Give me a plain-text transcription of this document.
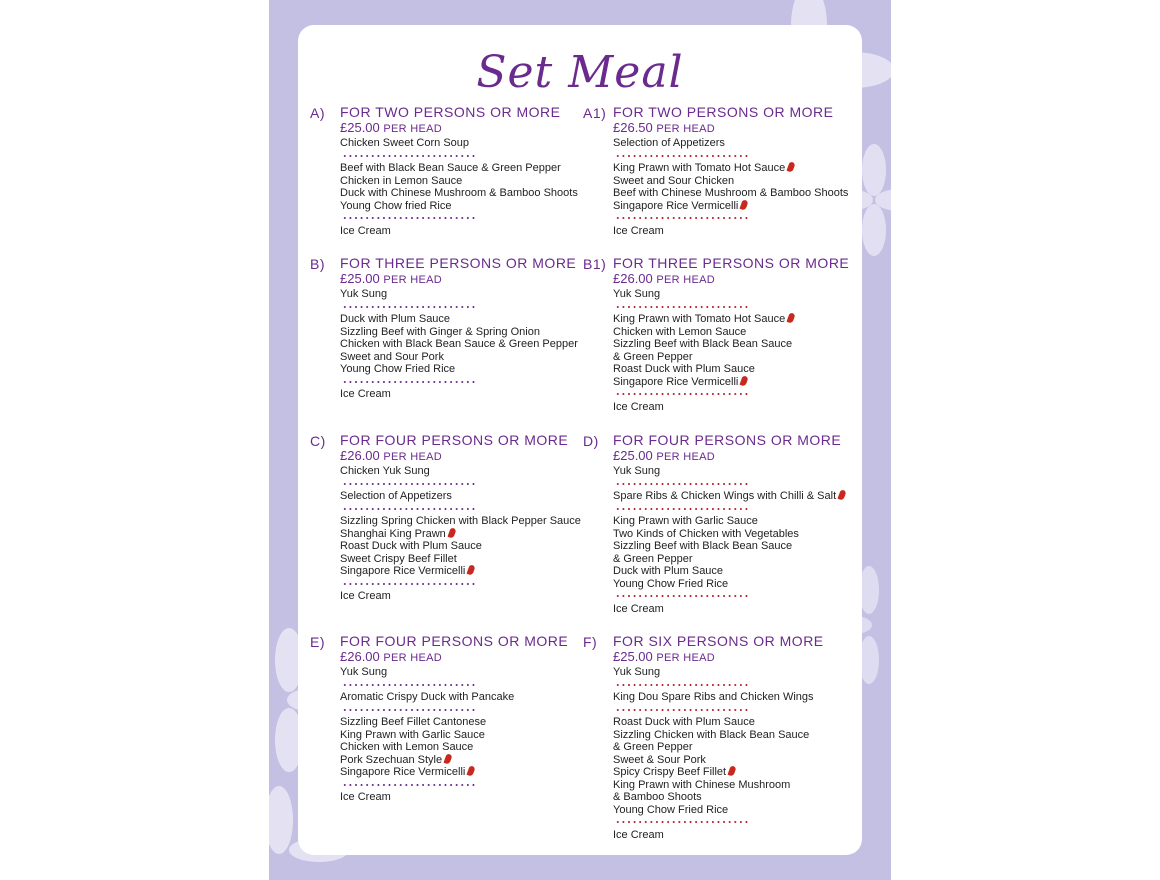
Set Meal
A) FOR TWO PERSONS OR MORE
£25.00 PER HEAD
Chicken Sweet Corn Soup
Beef with Black Bean Sauce & Green Pepper
Chicken in Lemon Sauce
Duck with Chinese Mushroom & Bamboo Shoots
Young Chow fried Rice
Ice Cream
A1) FOR TWO PERSONS OR MORE
£26.50 PER HEAD
Selection of Appetizers
King Prawn with Tomato Hot Sauce
Sweet and Sour Chicken
Beef with Chinese Mushroom & Bamboo Shoots
Singapore Rice Vermicelli
Ice Cream
B) FOR THREE PERSONS OR MORE
£25.00 PER HEAD
Yuk Sung
Duck with Plum Sauce
Sizzling Beef with Ginger & Spring Onion
Chicken with Black Bean Sauce & Green Pepper
Sweet and Sour Pork
Young Chow Fried Rice
Ice Cream
B1) FOR THREE PERSONS OR MORE
£26.00 PER HEAD
Yuk Sung
King Prawn with Tomato Hot Sauce
Chicken with Lemon Sauce
Sizzling Beef with Black Bean Sauce
& Green Pepper
Roast Duck with Plum Sauce
Singapore Rice Vermicelli
Ice Cream
C) FOR FOUR PERSONS OR MORE
£26.00 PER HEAD
Chicken Yuk Sung
Selection of Appetizers
Sizzling Spring Chicken with Black Pepper Sauce
Shanghai King Prawn
Roast Duck with Plum Sauce
Sweet Crispy Beef Fillet
Singapore Rice Vermicelli
Ice Cream
D) FOR FOUR PERSONS OR MORE
£25.00 PER HEAD
Yuk Sung
Spare Ribs & Chicken Wings with Chilli & Salt
King Prawn with Garlic Sauce
Two Kinds of Chicken with Vegetables
Sizzling Beef with Black Bean Sauce
& Green Pepper
Duck with Plum Sauce
Young Chow Fried Rice
Ice Cream
E) FOR FOUR PERSONS OR MORE
£26.00 PER HEAD
Yuk Sung
Aromatic Crispy Duck with Pancake
Sizzling Beef Fillet Cantonese
King Prawn with Garlic Sauce
Chicken with Lemon Sauce
Pork Szechuan Style
Singapore Rice Vermicelli
Ice Cream
F) FOR SIX PERSONS OR MORE
£25.00 PER HEAD
Yuk Sung
King Dou Spare Ribs and Chicken Wings
Roast Duck with Plum Sauce
Sizzling Chicken with Black Bean Sauce
& Green Pepper
Sweet & Sour Pork
Spicy Crispy Beef Fillet
King Prawn with Chinese Mushroom
& Bamboo Shoots
Young Chow Fried Rice
Ice Cream
